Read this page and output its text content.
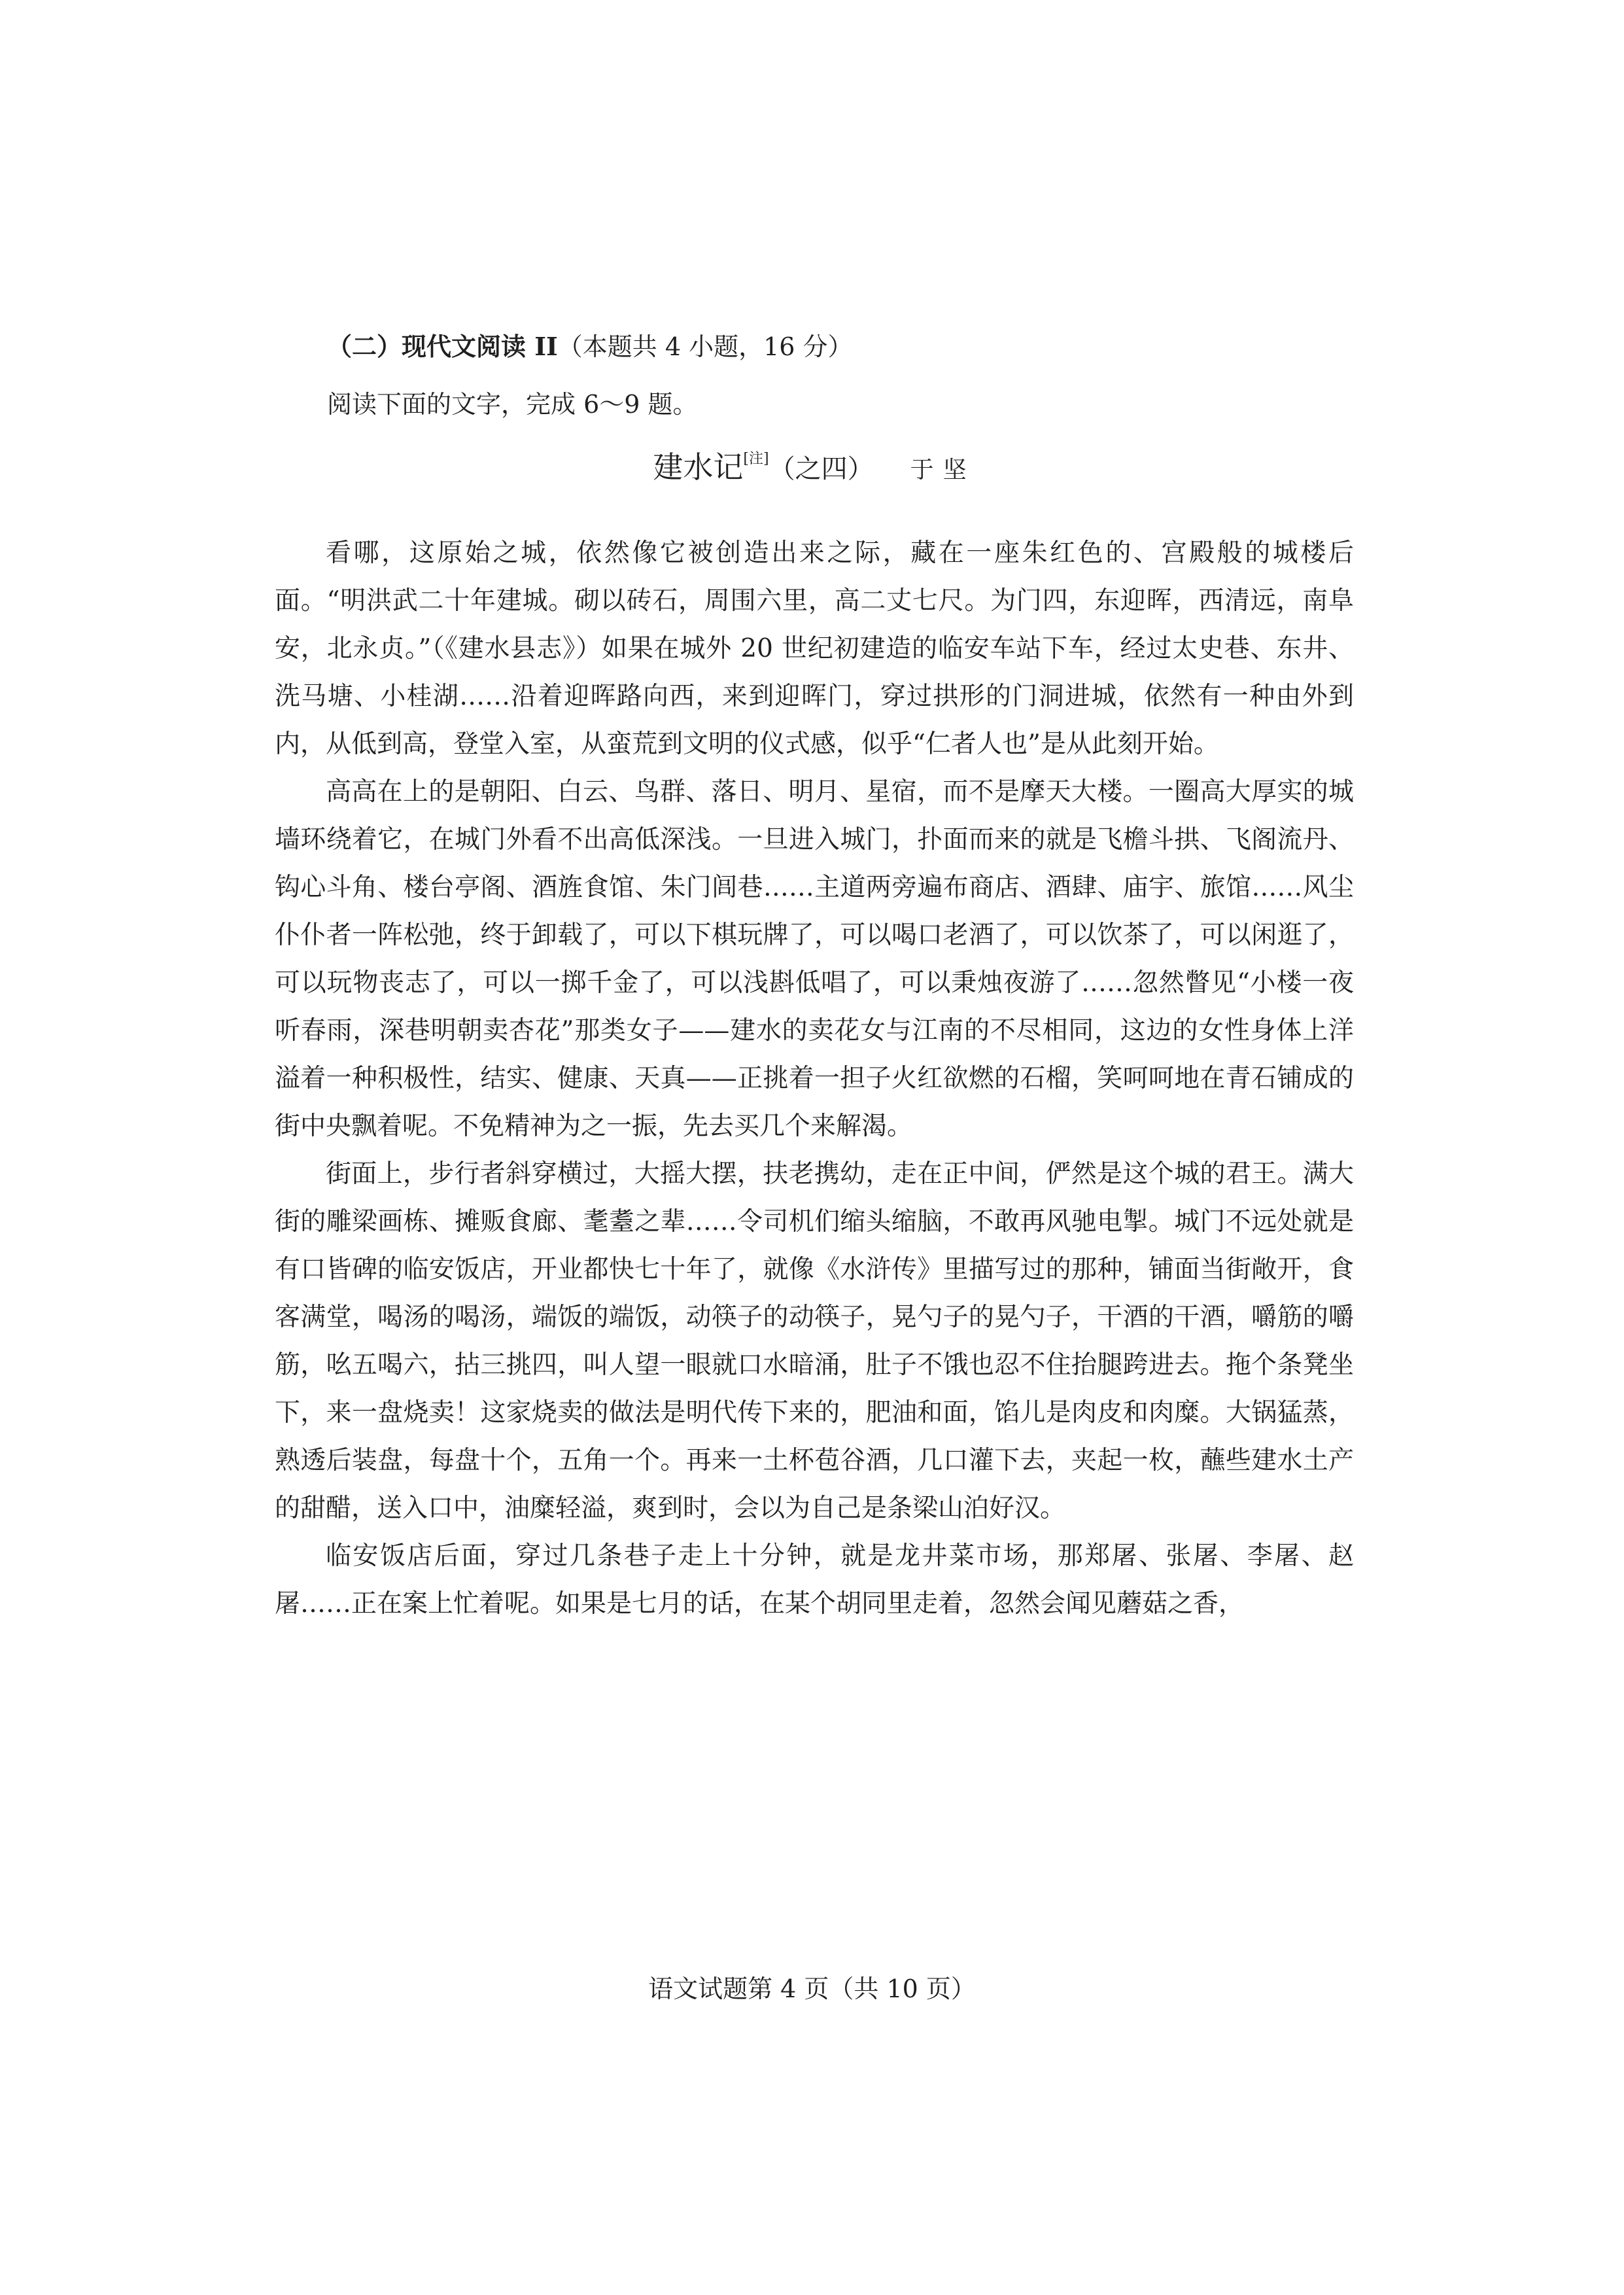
（二）现代文阅读 II（本题共 4 小题，16 分）
阅读下面的文字，完成 6～9 题。
建水记[注]（之四） 于坚

看哪，这原始之城，依然像它被创造出来之际，藏在一座朱红色的、宫殿般的城楼后面。“明洪武二十年建城。砌以砖石，周围六里，高二丈七尺。为门四，东迎晖，西清远，南阜安，北永贞。”（《建水县志》）如果在城外 20 世纪初建造的临安车站下车，经过太史巷、东井、洗马塘、小桂湖……沿着迎晖路向西，来到迎晖门，穿过拱形的门洞进城，依然有一种由外到内，从低到高，登堂入室，从蛮荒到文明的仪式感，似乎“仁者人也”是从此刻开始。

高高在上的是朝阳、白云、鸟群、落日、明月、星宿，而不是摩天大楼。一圈高大厚实的城墙环绕着它，在城门外看不出高低深浅。一旦进入城门，扑面而来的就是飞檐斗拱、飞阁流丹、钩心斗角、楼台亭阁、酒旌食馆、朱门闾巷……主道两旁遍布商店、酒肆、庙宇、旅馆……风尘仆仆者一阵松弛，终于卸载了，可以下棋玩牌了，可以喝口老酒了，可以饮茶了，可以闲逛了，可以玩物丧志了，可以一掷千金了，可以浅斟低唱了，可以秉烛夜游了……忽然瞥见“小楼一夜听春雨，深巷明朝卖杏花”那类女子——建水的卖花女与江南的不尽相同，这边的女性身体上洋溢着一种积极性，结实、健康、天真——正挑着一担子火红欲燃的石榴，笑呵呵地在青石铺成的街中央飘着呢。不免精神为之一振，先去买几个来解渴。

街面上，步行者斜穿横过，大摇大摆，扶老携幼，走在正中间，俨然是这个城的君王。满大街的雕梁画栋、摊贩食廊、耄耋之辈……令司机们缩头缩脑，不敢再风驰电掣。城门不远处就是有口皆碑的临安饭店，开业都快七十年了，就像《水浒传》里描写过的那种，铺面当街敞开，食客满堂，喝汤的喝汤，端饭的端饭，动筷子的动筷子，晃勺子的晃勺子，干酒的干酒，嚼筋的嚼筋，吆五喝六，拈三挑四，叫人望一眼就口水暗涌，肚子不饿也忍不住抬腿跨进去。拖个条凳坐下，来一盘烧卖！这家烧卖的做法是明代传下来的，肥油和面，馅儿是肉皮和肉糜。大锅猛蒸，熟透后装盘，每盘十个，五角一个。再来一土杯苞谷酒，几口灌下去，夹起一枚，蘸些建水土产的甜醋，送入口中，油糜轻溢，爽到时，会以为自己是条梁山泊好汉。

临安饭店后面，穿过几条巷子走上十分钟，就是龙井菜市场，那郑屠、张屠、李屠、赵屠……正在案上忙着呢。如果是七月的话，在某个胡同里走着，忽然会闻见蘑菇之香，

语文试题第 4 页（共 10 页）
